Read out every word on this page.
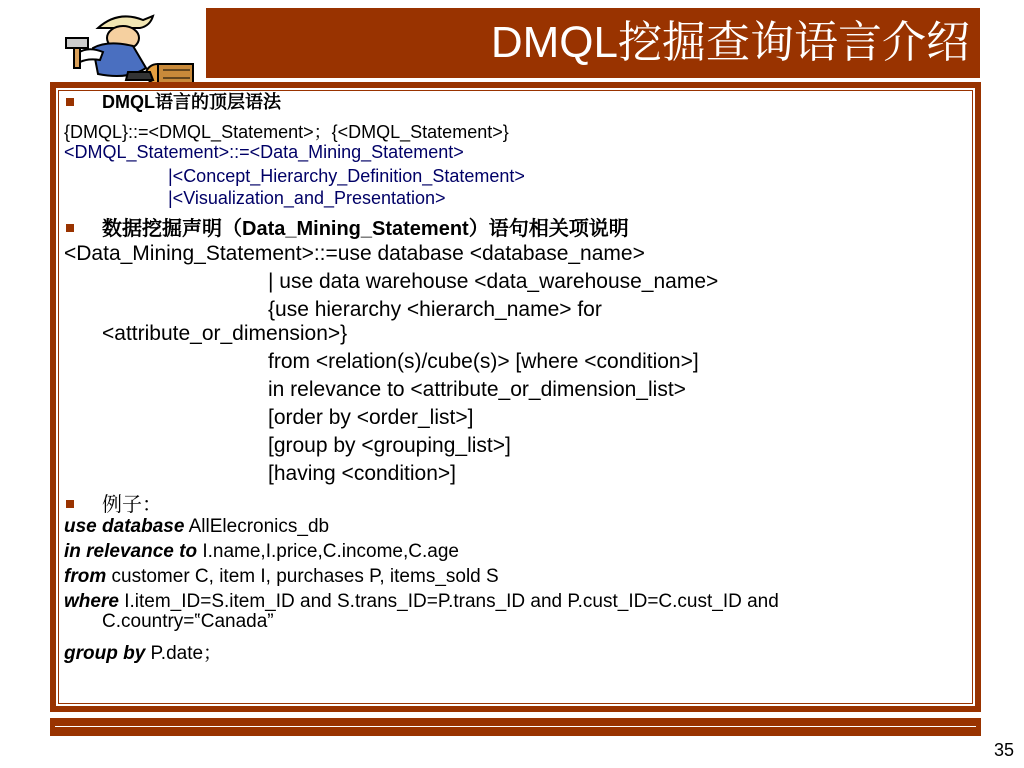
DMQL挖掘查询语言介绍
35
DMQL语言的顶层语法
{DMQL}::=<DMQL_Statement>；{<DMQL_Statement>}
<DMQL_Statement>::=<Data_Mining_Statement>
|<Concept_Hierarchy_Definition_Statement>
|<Visualization_and_Presentation>
数据挖掘声明（Data_Mining_Statement）语句相关项说明
<Data_Mining_Statement>::=use database <database_name>
| use data warehouse <data_warehouse_name>
{use hierarchy <hierarch_name> for
<attribute_or_dimension>}
from <relation(s)/cube(s)> [where <condition>]
in relevance to <attribute_or_dimension_list>
[order by <order_list>]
[group by <grouping_list>]
[having <condition>]
例子：
use database AllElecronics_db
in relevance to I.name,I.price,C.income,C.age
from customer C, item I, purchases P, items_sold S
where I.item_ID=S.item_ID and S.trans_ID=P.trans_ID and P.cust_ID=C.cust_ID and
C.country=‟Canada”
group by P.date；
